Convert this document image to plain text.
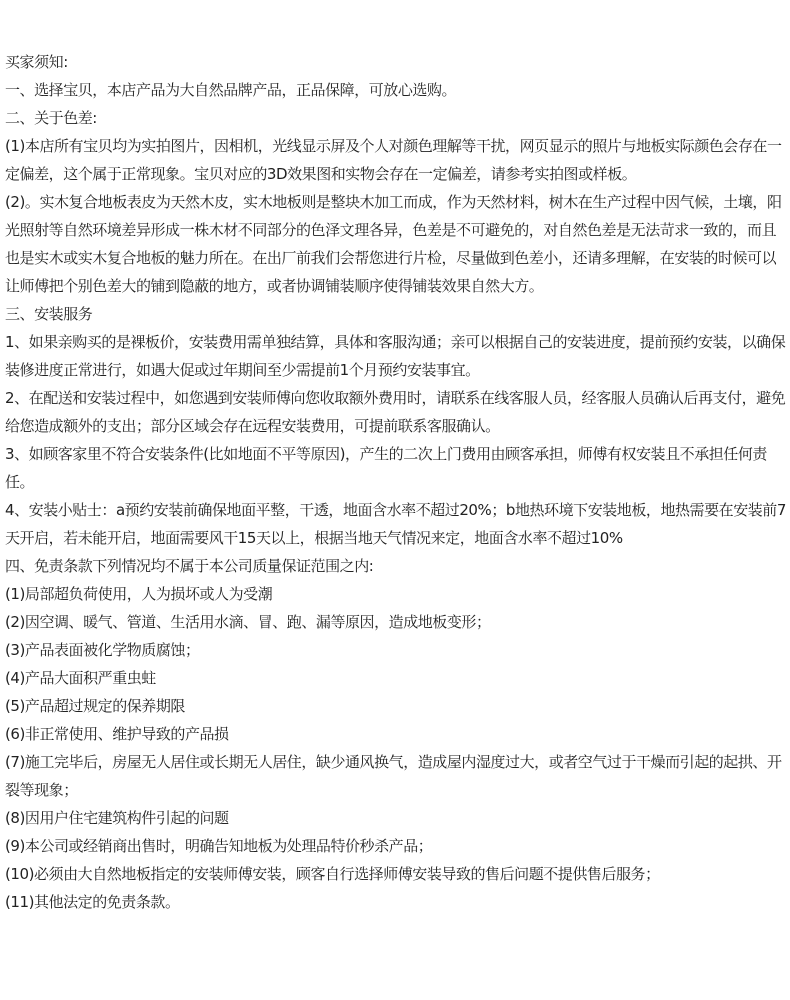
买家须知:

一、选择宝贝，本店产品为大自然品牌产品，正品保障，可放心选购。

二、关于色差:

(1)本店所有宝贝均为实拍图片，因相机，光线显示屏及个人对颜色理解等干扰，网页显示的照片与地板实际颜色会存在一定偏差，这个属于正常现象。宝贝对应的3D效果图和实物会存在一定偏差，请参考实拍图或样板。

(2)。实木复合地板表皮为天然木皮，实木地板则是整块木加工而成，作为天然材料，树木在生产过程中因气候，土壤，阳光照射等自然环境差异形成一株木材不同部分的色泽文理各异，色差是不可避免的，对自然色差是无法苛求一致的，而且也是实木或实木复合地板的魅力所在。在出厂前我们会帮您进行片检，尽量做到色差小，还请多理解，在安装的时候可以让师傅把个别色差大的铺到隐蔽的地方，或者协调铺装顺序使得铺装效果自然大方。

三、安装服务

1、如果亲购买的是裸板价，安装费用需单独结算，具体和客服沟通；亲可以根据自己的安装进度，提前预约安装，以确保装修进度正常进行，如遇大促或过年期间至少需提前1个月预约安装事宜。

2、在配送和安装过程中，如您遇到安装师傅向您收取额外费用时，请联系在线客服人员，经客服人员确认后再支付，避免给您造成额外的支出；部分区域会存在远程安装费用，可提前联系客服确认。

3、如顾客家里不符合安装条件(比如地面不平等原因)，产生的二次上门费用由顾客承担，师傅有权安装且不承担任何责任。

4、安装小贴士：a预约安装前确保地面平整，干透，地面含水率不超过20%；b地热环境下安装地板，地热需要在安装前7天开启，若未能开启，地面需要风干15天以上，根据当地天气情况来定，地面含水率不超过10%

四、免责条款下列情况均不属于本公司质量保证范围之内:

(1)局部超负荷使用，人为损坏或人为受潮

(2)因空调、暖气、管道、生活用水滴、冒、跑、漏等原因，造成地板变形；

(3)产品表面被化学物质腐蚀；

(4)产品大面积严重虫蛀

(5)产品超过规定的保养期限

(6)非正常使用、维护导致的产品损

(7)施工完毕后，房屋无人居住或长期无人居住，缺少通风换气，造成屋内湿度过大，或者空气过于干燥而引起的起拱、开裂等现象；

(8)因用户住宅建筑构件引起的问题

(9)本公司或经销商出售时，明确告知地板为处理品特价秒杀产品；

(10)必须由大自然地板指定的安装师傅安装，顾客自行选择师傅安装导致的售后问题不提供售后服务；

(11)其他法定的免责条款。
